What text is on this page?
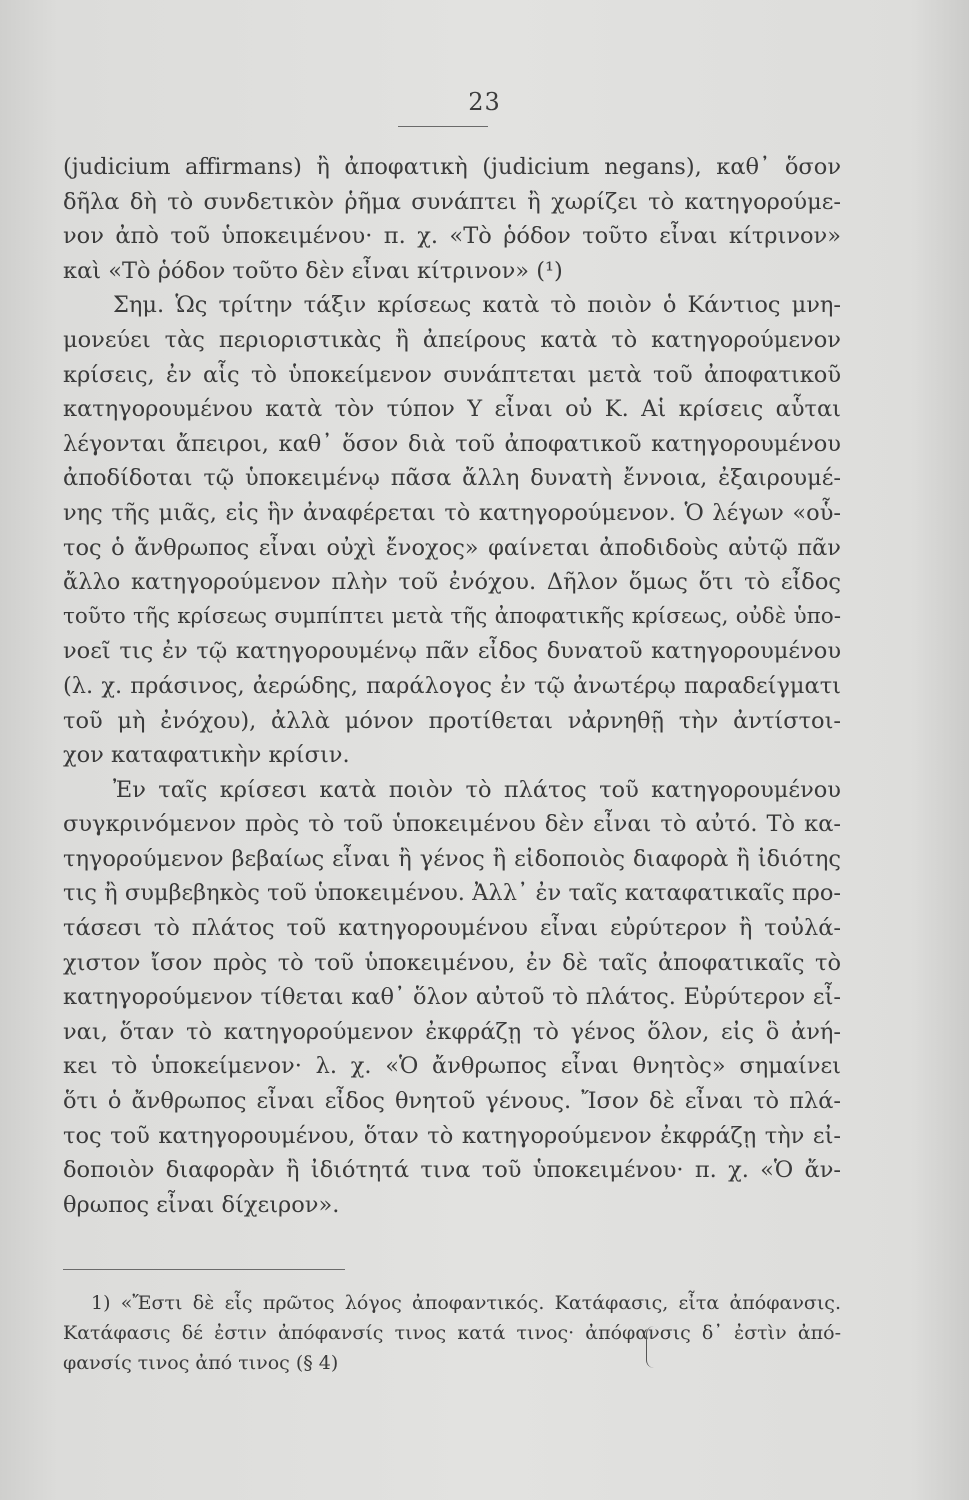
23
(judicium affirmans) ἢ ἀποφατικὴ (judicium negans), καθ᾽ ὅσον
δῆλα δὴ τὸ συνδετικὸν ῥῆμα συνάπτει ἢ χωρίζει τὸ κατηγορούμε-
νον ἀπὸ τοῦ ὑποκειμένου· π. χ. «Τὸ ῥόδον τοῦτο εἶναι κίτρινον»
καὶ «Τὸ ῥόδον τοῦτο δὲν εἶναι κίτρινον» (¹)
Σημ. Ὡς τρίτην τάξιν κρίσεως κατὰ τὸ ποιὸν ὁ Κάντιος μνη-
μονεύει τὰς περιοριστικὰς ἢ ἀπείρους κατὰ τὸ κατηγορούμενον
κρίσεις, ἐν αἷς τὸ ὑποκείμενον συνάπτεται μετὰ τοῦ ἀποφατικοῦ
κατηγορουμένου κατὰ τὸν τύπον Υ εἶναι οὐ Κ. Αἱ κρίσεις αὗται
λέγονται ἄπειροι, καθ᾽ ὅσον διὰ τοῦ ἀποφατικοῦ κατηγορουμένου
ἀποδίδοται τῷ ὑποκειμένῳ πᾶσα ἄλλη δυνατὴ ἔννοια, ἐξαιρουμέ-
νης τῆς μιᾶς, εἰς ἣν ἀναφέρεται τὸ κατηγορούμενον. Ὁ λέγων «οὗ-
τος ὁ ἄνθρωπος εἶναι οὐχὶ ἔνοχος» φαίνεται ἀποδιδοὺς αὐτῷ πᾶν
ἄλλο κατηγορούμενον πλὴν τοῦ ἐνόχου. Δῆλον ὅμως ὅτι τὸ εἶδος
τοῦτο τῆς κρίσεως συμπίπτει μετὰ τῆς ἀποφατικῆς κρίσεως, οὐδὲ ὑπο-
νοεῖ τις ἐν τῷ κατηγορουμένῳ πᾶν εἶδος δυνατοῦ κατηγορουμένου
(λ. χ. πράσινος, ἀερώδης, παράλογος ἐν τῷ ἀνωτέρῳ παραδείγματι
τοῦ μὴ ἐνόχου), ἀλλὰ μόνον προτίθεται νἀρνηθῇ τὴν ἀντίστοι-
χον καταφατικὴν κρίσιν.
Ἐν ταῖς κρίσεσι κατὰ ποιὸν τὸ πλάτος τοῦ κατηγορουμένου
συγκρινόμενον πρὸς τὸ τοῦ ὑποκειμένου δὲν εἶναι τὸ αὐτό. Τὸ κα-
τηγορούμενον βεβαίως εἶναι ἢ γένος ἢ εἰδοποιὸς διαφορὰ ἢ ἰδιότης
τις ἢ συμβεβηκὸς τοῦ ὑποκειμένου. Ἀλλ᾽ ἐν ταῖς καταφατικαῖς προ-
τάσεσι τὸ πλάτος τοῦ κατηγορουμένου εἶναι εὐρύτερον ἢ τοὐλά-
χιστον ἴσον πρὸς τὸ τοῦ ὑποκειμένου, ἐν δὲ ταῖς ἀποφατικαῖς τὸ
κατηγορούμενον τίθεται καθ᾽ ὅλον αὐτοῦ τὸ πλάτος. Εὐρύτερον εἶ-
ναι, ὅταν τὸ κατηγορούμενον ἐκφράζῃ τὸ γένος ὅλον, εἰς ὃ ἀνή-
κει τὸ ὑποκείμενον· λ. χ. «Ὁ ἄνθρωπος εἶναι θνητὸς» σημαίνει
ὅτι ὁ ἄνθρωπος εἶναι εἶδος θνητοῦ γένους. Ἴσον δὲ εἶναι τὸ πλά-
τος τοῦ κατηγορουμένου, ὅταν τὸ κατηγορούμενον ἐκφράζῃ τὴν εἰ-
δοποιὸν διαφορὰν ἢ ἰδιότητά τινα τοῦ ὑποκειμένου· π. χ. «Ὁ ἄν-
θρωπος εἶναι δίχειρον».
1) «Ἔστι δὲ εἷς πρῶτος λόγος ἀποφαντικός. Κατάφασις, εἶτα ἀπόφανσις.
Κατάφασις δέ ἐστιν ἀπόφανσίς τινος κατά τινος· ἀπόφανσις δ᾽ ἐστὶν ἀπό-
φανσίς τινος ἀπό τινος (§ 4)
